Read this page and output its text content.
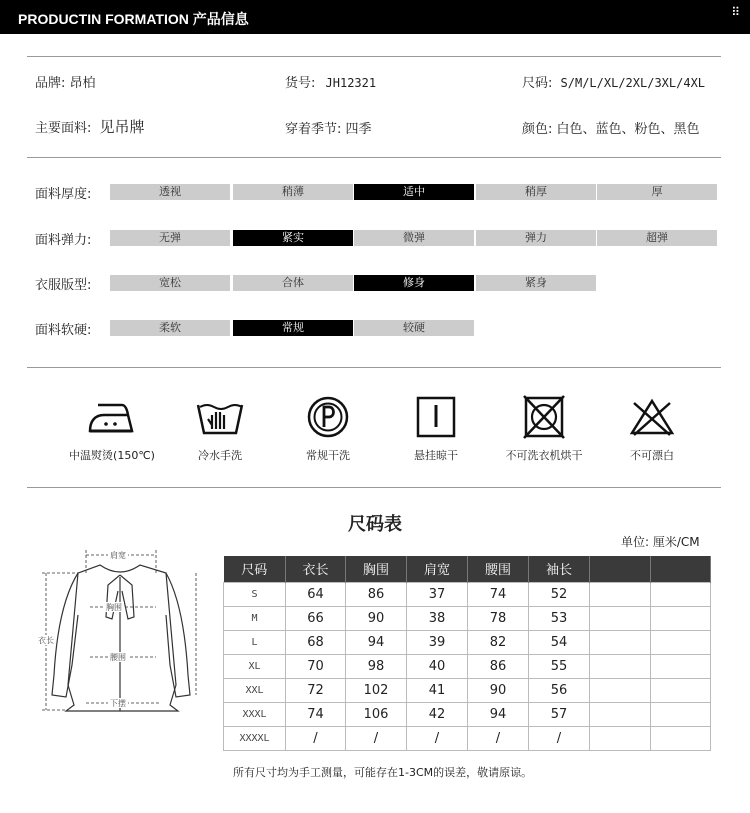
PRODUCTIN FORMATION 产品信息	⠿
品牌: 昂柏	货号: JH12321	尺码: S/M/L/XL/2XL/3XL/4XL
主要面料: 见吊牌	穿着季节: 四季	颜色: 白色、蓝色、粉色、黑色
面料厚度:	透视	稍薄	适中	稍厚	厚
面料弹力:	无弹	紧实	微弹	弹力	超弹
衣服版型:	宽松	合体	修身	紧身
面料软硬:	柔软	常规	较硬
中温熨烫(150℃)	冷水手洗	常规干洗	悬挂晾干	不可洗衣机烘干	不可漂白
尺码表
单位: 厘米/CM
肩宽
胸围
衣长
腰围
下摆
尺码	衣长	胸围	肩宽	腰围	袖长		
S	64	86	37	74	52		
M	66	90	38	78	53		
L	68	94	39	82	54		
XL	70	98	40	86	55		
XXL	72	102	41	90	56		
XXXL	74	106	42	94	57		
XXXXL	/	/	/	/	/		
所有尺寸均为手工测量，可能存在1-3CM的误差，敬请原谅。
